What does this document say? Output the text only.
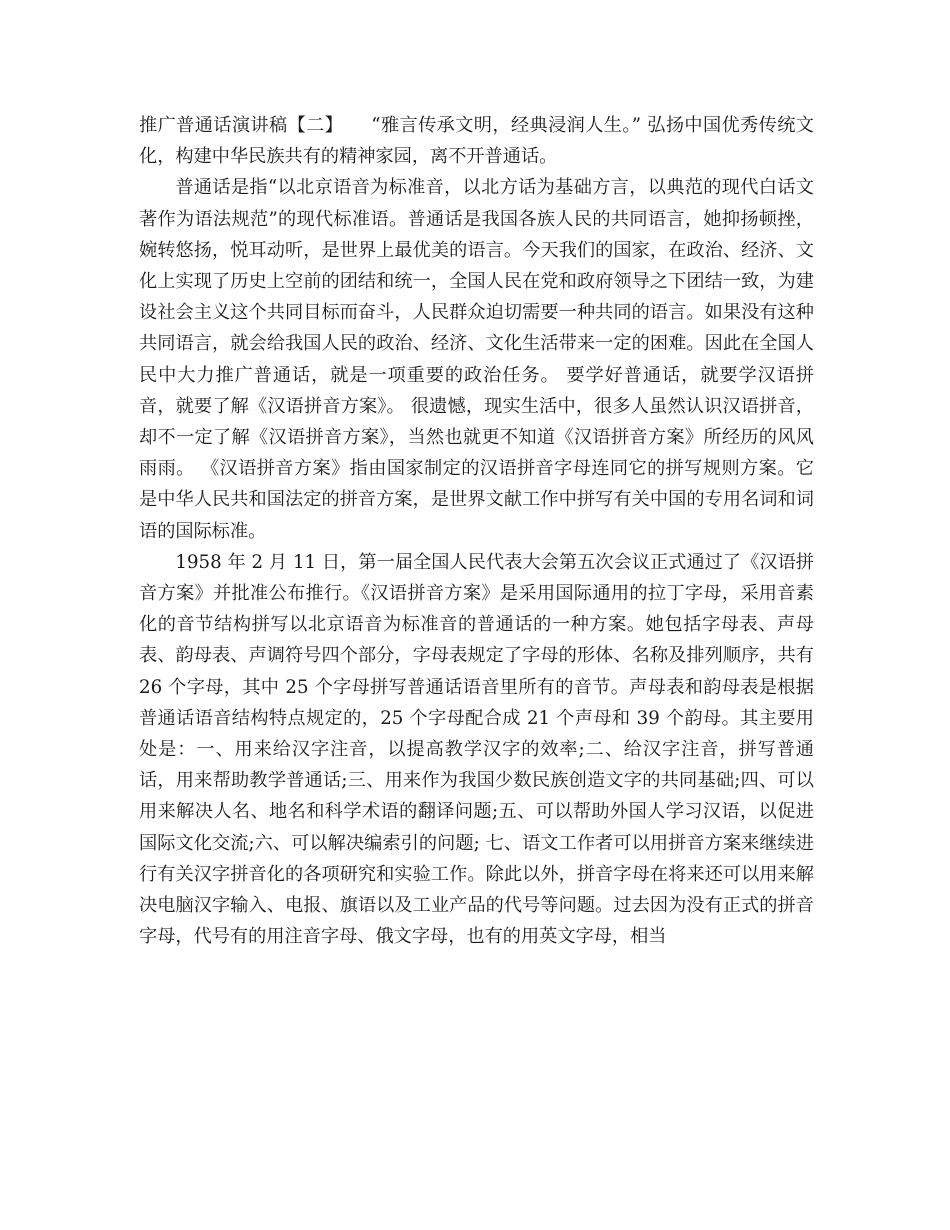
推广普通话演讲稿【二】　　“雅言传承文明，经典浸润人生。” 弘扬中国优秀传统文化，构建中华民族共有的精神家园，离不开普通话。

普通话是指“以北京语音为标准音，以北方话为基础方言，以典范的现代白话文著作为语法规范”的现代标准语。普通话是我国各族人民的共同语言，她抑扬顿挫，婉转悠扬，悦耳动听，是世界上最优美的语言。今天我们的国家，在政治、经济、文化上实现了历史上空前的团结和统一，全国人民在党和政府领导之下团结一致，为建设社会主义这个共同目标而奋斗，人民群众迫切需要一种共同的语言。如果没有这种共同语言，就会给我国人民的政治、经济、文化生活带来一定的困难。因此在全国人民中大力推广普通话，就是一项重要的政治任务。 要学好普通话，就要学汉语拼音，就要了解《汉语拼音方案》。 很遗憾，现实生活中，很多人虽然认识汉语拼音，却不一定了解《汉语拼音方案》，当然也就更不知道《汉语拼音方案》所经历的风风雨雨。 《汉语拼音方案》指由国家制定的汉语拼音字母连同它的拼写规则方案。它是中华人民共和国法定的拼音方案，是世界文献工作中拼写有关中国的专用名词和词语的国际标准。

1958 年 2 月 11 日，第一届全国人民代表大会第五次会议正式通过了《汉语拼音方案》并批准公布推行。《汉语拼音方案》是采用国际通用的拉丁字母，采用音素化的音节结构拼写以北京语音为标准音的普通话的一种方案。她包括字母表、声母表、韵母表、声调符号四个部分，字母表规定了字母的形体、名称及排列顺序，共有 26 个字母，其中 25 个字母拼写普通话语音里所有的音节。声母表和韵母表是根据普通话语音结构特点规定的，25 个字母配合成 21 个声母和 39 个韵母。其主要用处是：一、用来给汉字注音，以提高教学汉字的效率;二、给汉字注音，拼写普通话，用来帮助教学普通话;三、用来作为我国少数民族创造文字的共同基础;四、可以用来解决人名、地名和科学术语的翻译问题;五、可以帮助外国人学习汉语，以促进国际文化交流;六、可以解决编索引的问题; 七、语文工作者可以用拼音方案来继续进行有关汉字拼音化的各项研究和实验工作。除此以外，拼音字母在将来还可以用来解决电脑汉字输入、电报、旗语以及工业产品的代号等问题。过去因为没有正式的拼音字母，代号有的用注音字母、俄文字母，也有的用英文字母，相当
